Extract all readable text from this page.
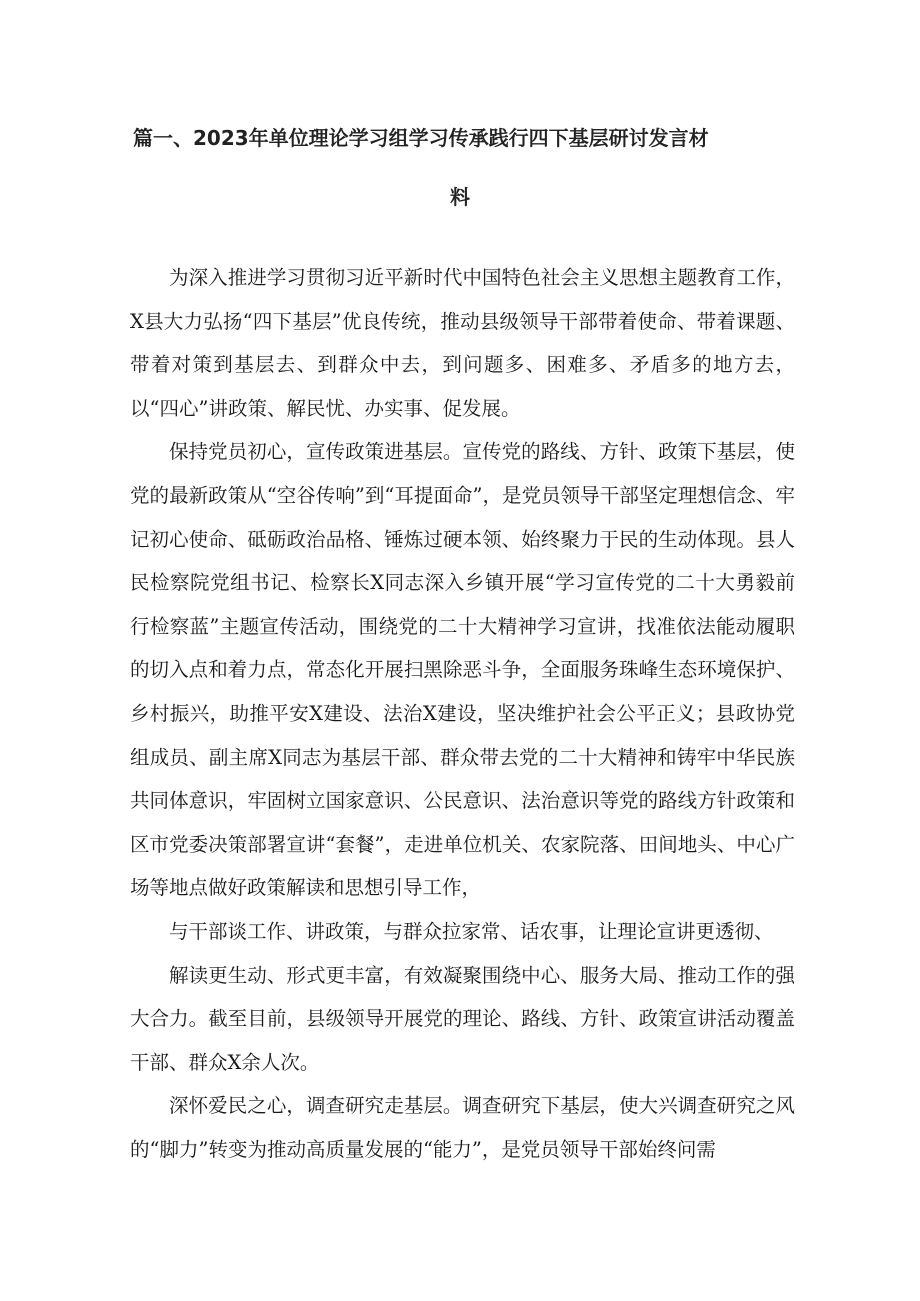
篇一、2023年单位理论学习组学习传承践行四下基层研讨发言材
料

为深入推进学习贯彻习近平新时代中国特色社会主义思想主题教育工作，X县大力弘扬“四下基层”优良传统，推动县级领导干部带着使命、带着课题、带着对策到基层去、到群众中去，到问题多、困难多、矛盾多的地方去，以“四心”讲政策、解民忧、办实事、促发展。

保持党员初心，宣传政策进基层。宣传党的路线、方针、政策下基层，使党的最新政策从“空谷传响”到“耳提面命”，是党员领导干部坚定理想信念、牢记初心使命、砥砺政治品格、锤炼过硬本领、始终聚力于民的生动体现。县人民检察院党组书记、检察长X同志深入乡镇开展“学习宣传党的二十大勇毅前行检察蓝”主题宣传活动，围绕党的二十大精神学习宣讲，找准依法能动履职的切入点和着力点，常态化开展扫黑除恶斗争，全面服务珠峰生态环境保护、乡村振兴，助推平安X建设、法治X建设，坚决维护社会公平正义；县政协党组成员、副主席X同志为基层干部、群众带去党的二十大精神和铸牢中华民族共同体意识，牢固树立国家意识、公民意识、法治意识等党的路线方针政策和区市党委决策部署宣讲“套餐”，走进单位机关、农家院落、田间地头、中心广场等地点做好政策解读和思想引导工作，

与干部谈工作、讲政策，与群众拉家常、话农事，让理论宣讲更透彻、

解读更生动、形式更丰富，有效凝聚围绕中心、服务大局、推动工作的强大合力。截至目前，县级领导开展党的理论、路线、方针、政策宣讲活动覆盖干部、群众X余人次。

深怀爱民之心，调查研究走基层。调查研究下基层，使大兴调查研究之风的“脚力”转变为推动高质量发展的“能力”，是党员领导干部始终问需
